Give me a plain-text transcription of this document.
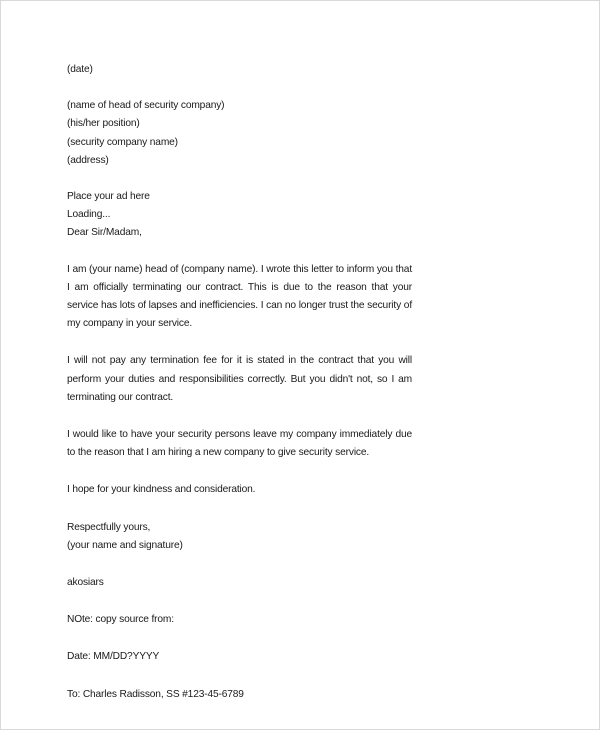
(date)
(name of head of security company)
(his/her position)
(security company name)
(address)
Place your ad here
Loading...
Dear Sir/Madam,
I am (your name) head of (company name). I wrote this letter to inform you that I am officially terminating our contract. This is due to the reason that your service has lots of lapses and inefficiencies. I can no longer trust the security of my company in your service.
I will not pay any termination fee for it is stated in the contract that you will perform your duties and responsibilities correctly. But you didn't not, so I am terminating our contract.
I would like to have your security persons leave my company immediately due to the reason that I am hiring a new company to give security service.
I hope for your kindness and consideration.
Respectfully yours,
(your name and signature)
akosiars
NOte: copy source from:
Date: MM/DD?YYYY
To: Charles Radisson, SS #123-45-6789
